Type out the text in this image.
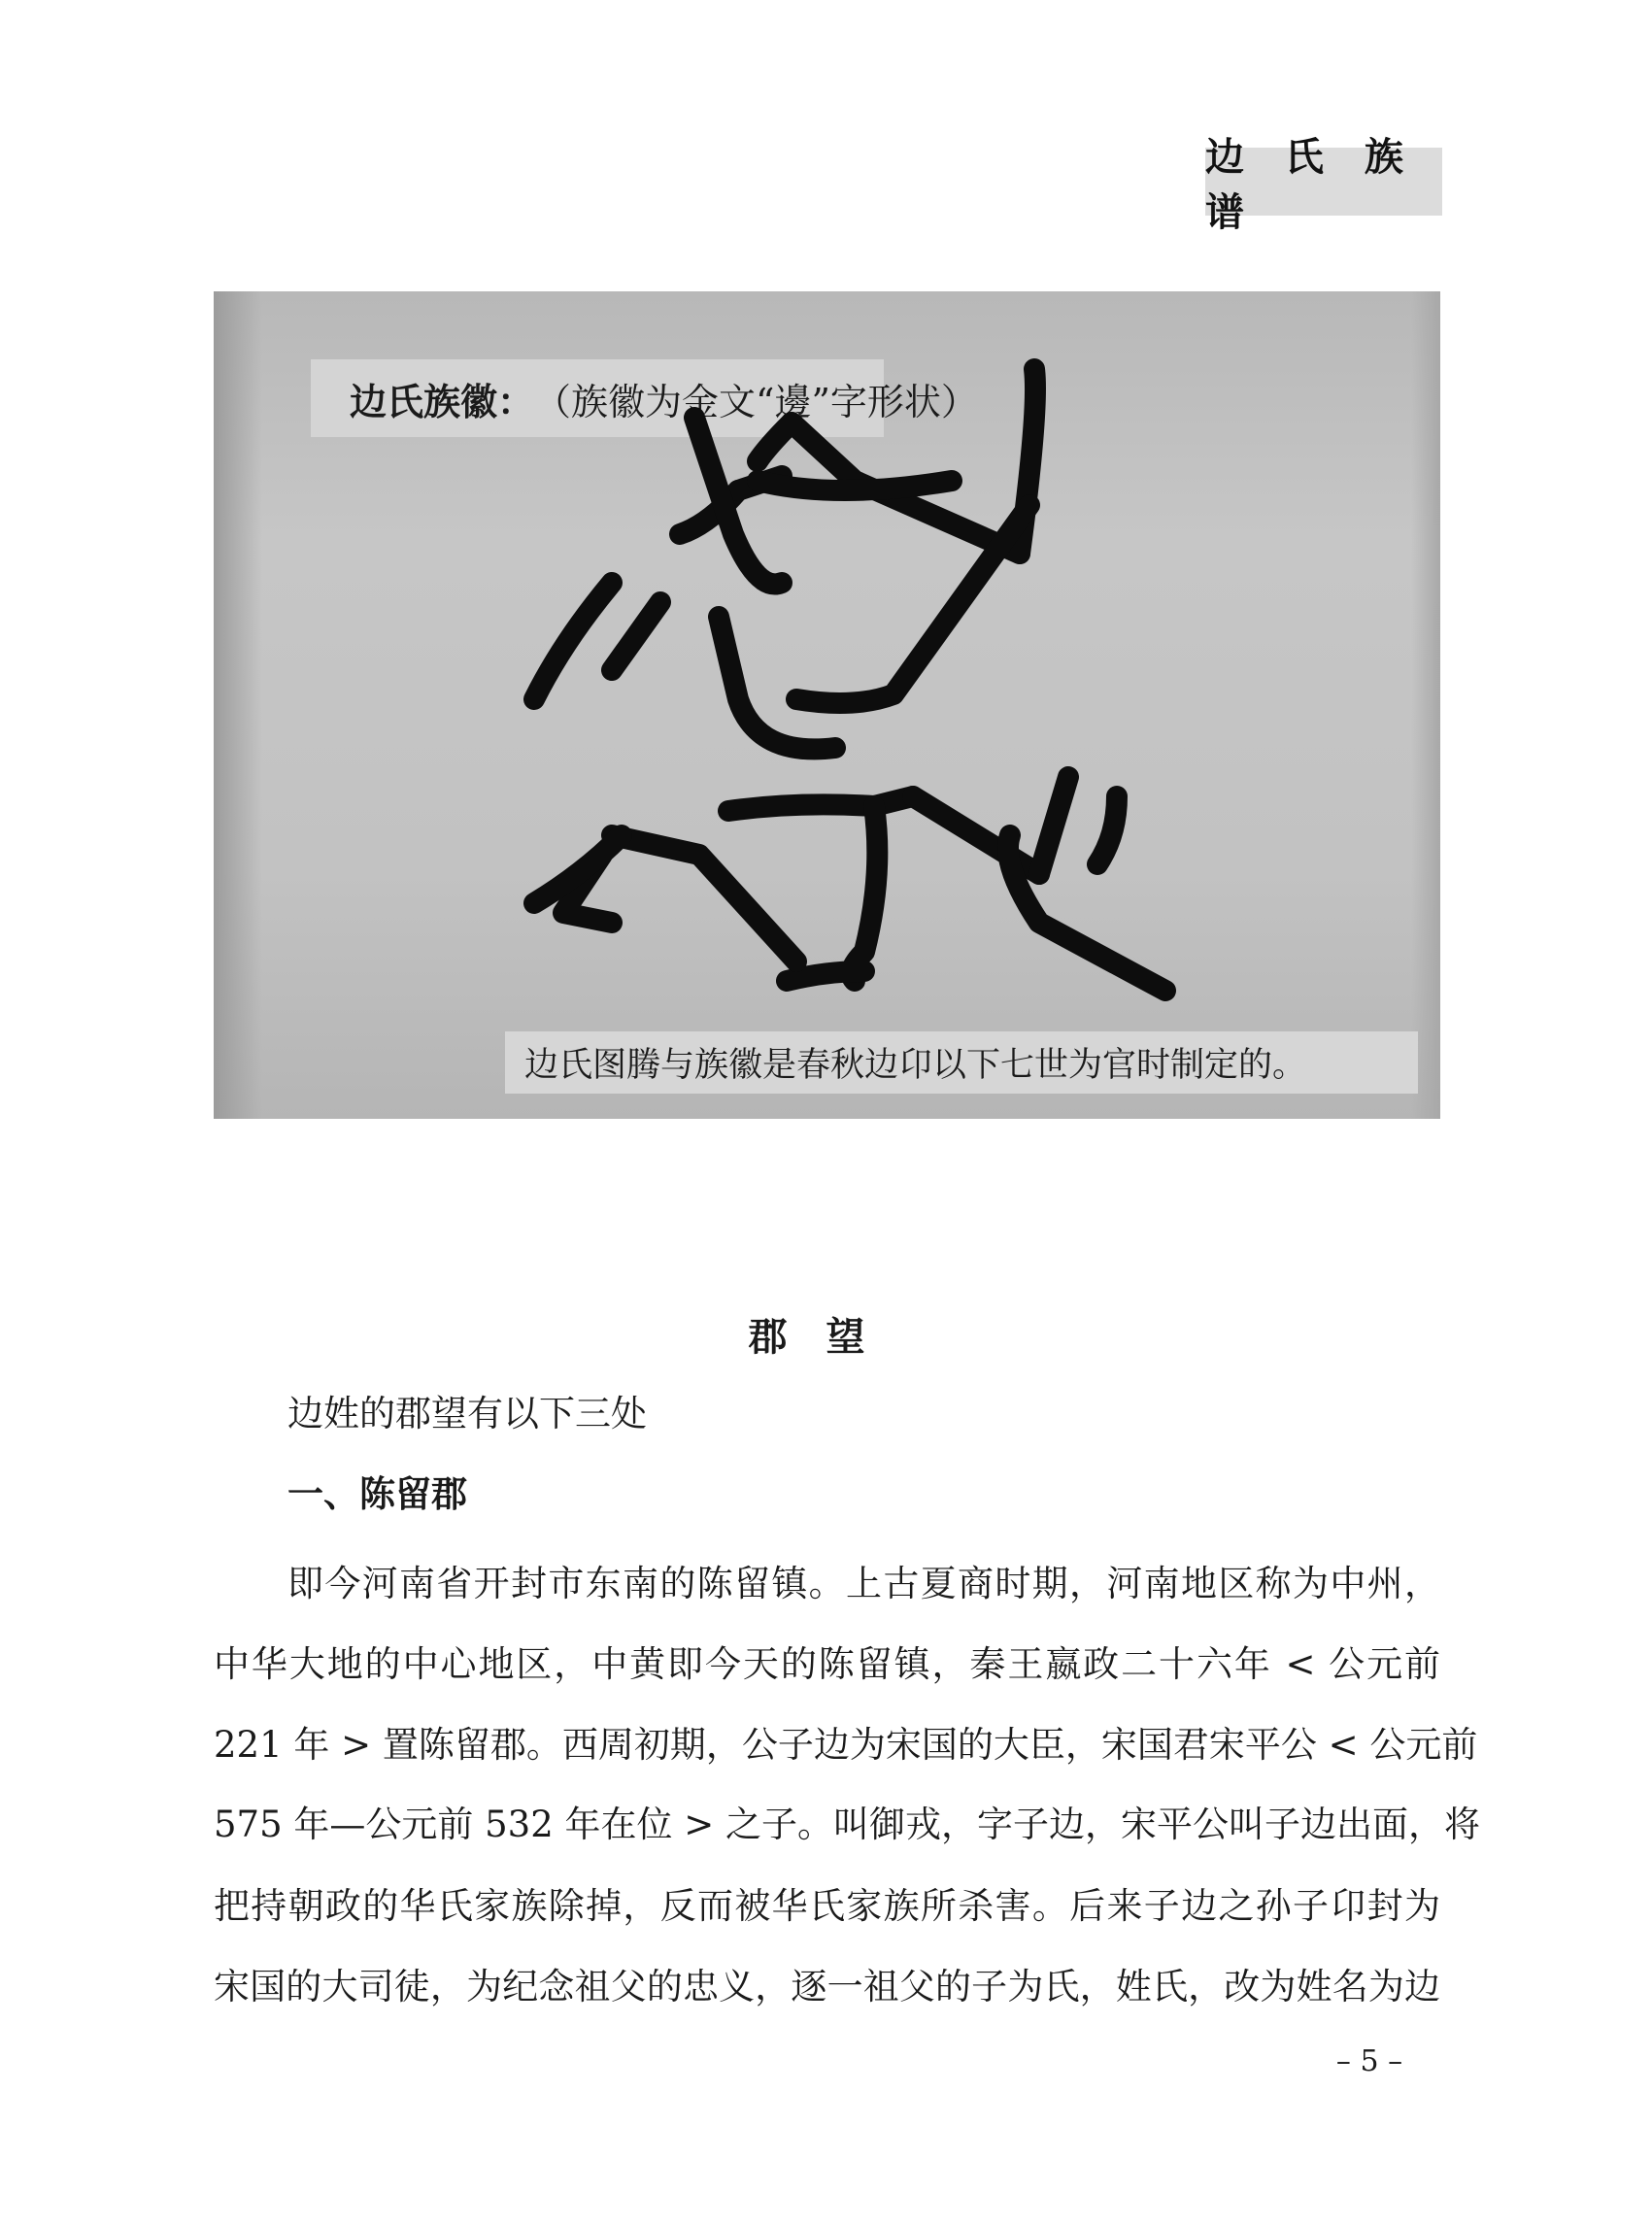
边 氏 族 谱
边氏族徽： （族徽为金文“邊”字形状）
边氏图腾与族徽是春秋边卬以下七世为官时制定的。
郡望
边姓的郡望有以下三处
一、陈留郡
即今河南省开封市东南的陈留镇。上古夏商时期，河南地区称为中州，
中华大地的中心地区，中黄即今天的陈留镇，秦王嬴政二十六年 < 公元前
221 年 > 置陈留郡。西周初期，公子边为宋国的大臣，宋国君宋平公 < 公元前
575 年—公元前 532 年在位 > 之子。叫御戎，字子边，宋平公叫子边出面，将
把持朝政的华氏家族除掉，反而被华氏家族所杀害。后来子边之孙子卬封为
宋国的大司徒，为纪念祖父的忠义，逐一祖父的子为氏，姓氏，改为姓名为边
– 5 –
